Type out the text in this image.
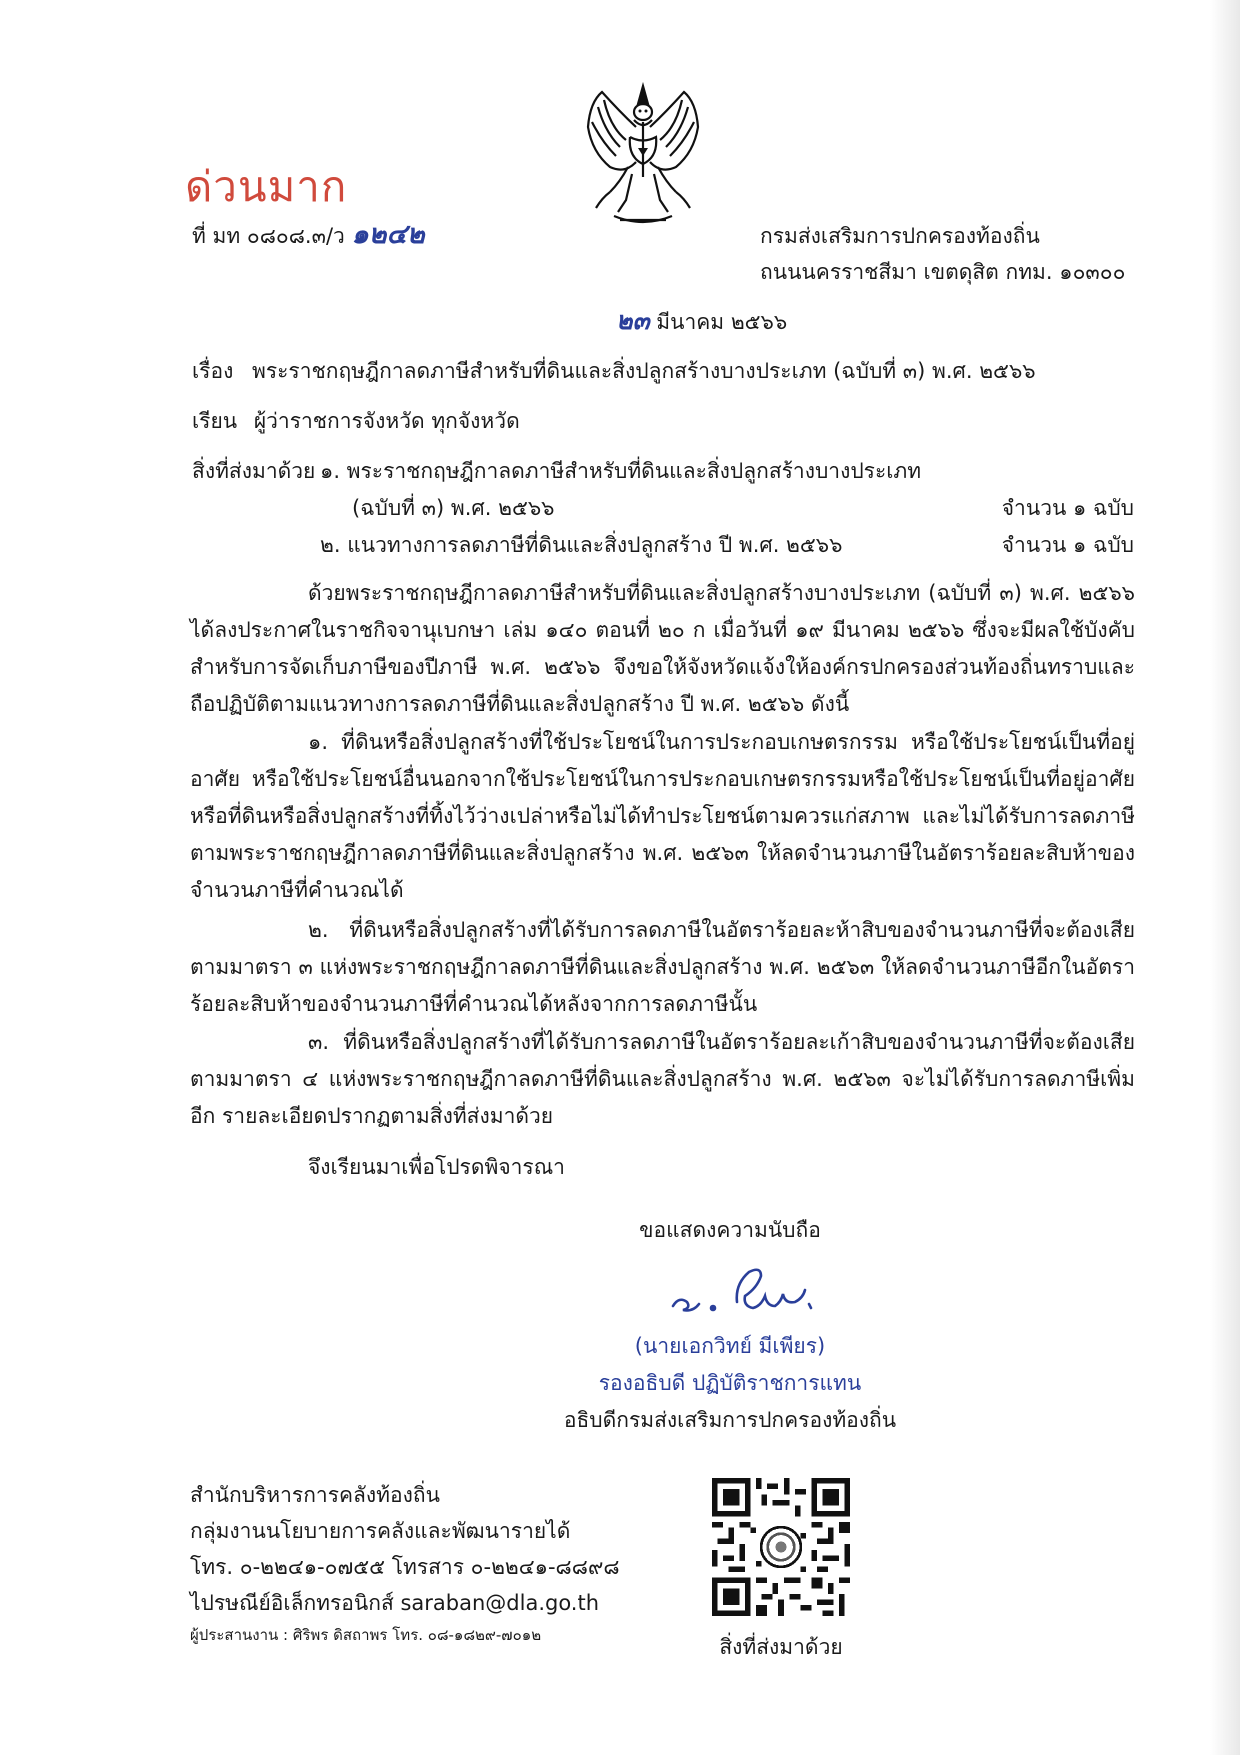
ด่วนมาก
ที่ มท ๐๘๐๘.๓/ว ๑๒๔๒	กรมส่งเสริมการปกครองท้องถิ่น
ถนนนครราชสีมา เขตดุสิต กทม. ๑๐๓๐๐
๒๓ มีนาคม ๒๕๖๖
เรื่อง พระราชกฤษฎีกาลดภาษีสำหรับที่ดินและสิ่งปลูกสร้างบางประเภท (ฉบับที่ ๓) พ.ศ. ๒๕๖๖
เรียน ผู้ว่าราชการจังหวัด ทุกจังหวัด
สิ่งที่ส่งมาด้วย ๑. พระราชกฤษฎีกาลดภาษีสำหรับที่ดินและสิ่งปลูกสร้างบางประเภท
(ฉบับที่ ๓) พ.ศ. ๒๕๖๖	จำนวน ๑ ฉบับ
๒. แนวทางการลดภาษีที่ดินและสิ่งปลูกสร้าง ปี พ.ศ. ๒๕๖๖	จำนวน ๑ ฉบับ
ด้วยพระราชกฤษฎีกาลดภาษีสำหรับที่ดินและสิ่งปลูกสร้างบางประเภท (ฉบับที่ ๓) พ.ศ. ๒๕๖๖ ได้ลงประกาศในราชกิจจานุเบกษา เล่ม ๑๔๐ ตอนที่ ๒๐ ก เมื่อวันที่ ๑๙ มีนาคม ๒๕๖๖ ซึ่งจะมีผลใช้บังคับสำหรับการจัดเก็บภาษีของปีภาษี พ.ศ. ๒๕๖๖ จึงขอให้จังหวัดแจ้งให้องค์กรปกครองส่วนท้องถิ่นทราบและถือปฏิบัติตามแนวทางการลดภาษีที่ดินและสิ่งปลูกสร้าง ปี พ.ศ. ๒๕๖๖ ดังนี้
๑. ที่ดินหรือสิ่งปลูกสร้างที่ใช้ประโยชน์ในการประกอบเกษตรกรรม หรือใช้ประโยชน์เป็นที่อยู่อาศัย หรือใช้ประโยชน์อื่นนอกจากใช้ประโยชน์ในการประกอบเกษตรกรรมหรือใช้ประโยชน์เป็นที่อยู่อาศัย หรือที่ดินหรือสิ่งปลูกสร้างที่ทิ้งไว้ว่างเปล่าหรือไม่ได้ทำประโยชน์ตามควรแก่สภาพ และไม่ได้รับการลดภาษีตามพระราชกฤษฎีกาลดภาษีที่ดินและสิ่งปลูกสร้าง พ.ศ. ๒๕๖๓ ให้ลดจำนวนภาษีในอัตราร้อยละสิบห้าของจำนวนภาษีที่คำนวณได้
๒. ที่ดินหรือสิ่งปลูกสร้างที่ได้รับการลดภาษีในอัตราร้อยละห้าสิบของจำนวนภาษีที่จะต้องเสียตามมาตรา ๓ แห่งพระราชกฤษฎีกาลดภาษีที่ดินและสิ่งปลูกสร้าง พ.ศ. ๒๕๖๓ ให้ลดจำนวนภาษีอีกในอัตราร้อยละสิบห้าของจำนวนภาษีที่คำนวณได้หลังจากการลดภาษีนั้น
๓. ที่ดินหรือสิ่งปลูกสร้างที่ได้รับการลดภาษีในอัตราร้อยละเก้าสิบของจำนวนภาษีที่จะต้องเสียตามมาตรา ๔ แห่งพระราชกฤษฎีกาลดภาษีที่ดินและสิ่งปลูกสร้าง พ.ศ. ๒๕๖๓ จะไม่ได้รับการลดภาษีเพิ่มอีก รายละเอียดปรากฏตามสิ่งที่ส่งมาด้วย
จึงเรียนมาเพื่อโปรดพิจารณา
ขอแสดงความนับถือ
(นายเอกวิทย์ มีเพียร)
รองอธิบดี ปฏิบัติราชการแทน
อธิบดีกรมส่งเสริมการปกครองท้องถิ่น
สำนักบริหารการคลังท้องถิ่น
กลุ่มงานนโยบายการคลังและพัฒนารายได้
โทร. ๐-๒๒๔๑-๐๗๕๕ โทรสาร ๐-๒๒๔๑-๘๘๙๘
ไปรษณีย์อิเล็กทรอนิกส์ saraban@dla.go.th
ผู้ประสานงาน : ศิริพร ดิสถาพร โทร. ๐๘-๑๘๒๙-๗๐๑๒	สิ่งที่ส่งมาด้วย
